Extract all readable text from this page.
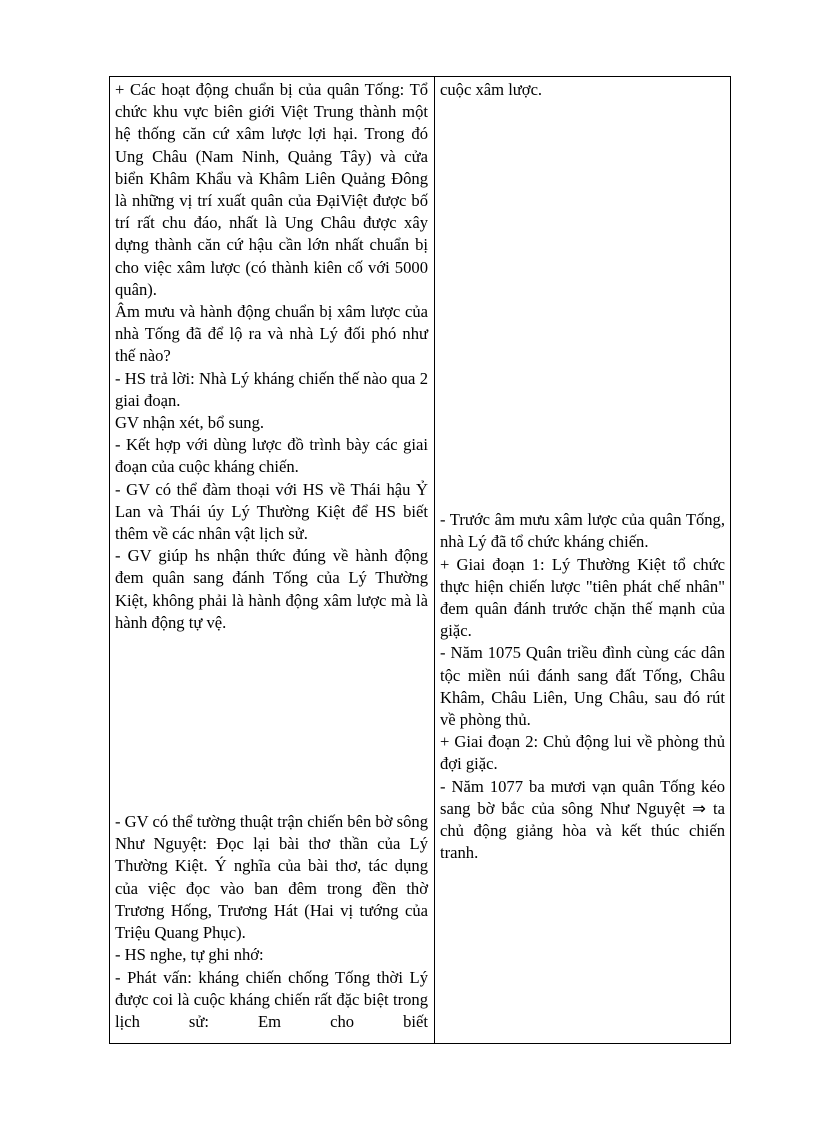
+ Các hoạt động chuẩn bị của quân Tống: Tổ chức khu vực biên giới Việt Trung thành một hệ thống căn cứ xâm lược lợi hại. Trong đó Ung Châu (Nam Ninh, Quảng Tây) và cửa biển Khâm Khẩu và Khâm Liên Quảng Đông là những vị trí xuất quân của ĐạiViệt được bố trí rất chu đáo, nhất là Ung Châu được xây dựng thành căn cứ hậu cần lớn nhất chuẩn bị cho việc xâm lược (có thành kiên cố với 5000 quân).

Âm mưu và hành động chuẩn bị xâm lược của nhà Tống đã để lộ ra và nhà Lý đối phó như thế nào?

- HS trả lời: Nhà Lý kháng chiến thế nào qua 2 giai đoạn.

GV nhận xét, bổ sung.

- Kết hợp với dùng lược đồ trình bày các giai đoạn của cuộc kháng chiến.

- GV có thể đàm thoại với HS về Thái hậu Ỷ Lan và Thái úy Lý Thường Kiệt để HS biết thêm về các nhân vật lịch sử.

- GV giúp hs nhận thức đúng về hành động đem quân sang đánh Tống của Lý Thường Kiệt, không phải là hành động xâm lược mà là hành động tự vệ.

- GV có thể tường thuật trận chiến bên bờ sông Như Nguyệt: Đọc lại bài thơ thần của Lý Thường Kiệt. Ý nghĩa của bài thơ, tác dụng của việc đọc vào ban đêm trong đền thờ Trương Hống, Trương Hát (Hai vị tướng của Triệu Quang Phục).

- HS nghe, tự ghi nhớ:

- Phát vấn: kháng chiến chống Tống thời Lý được coi là cuộc kháng chiến rất đặc biệt trong lịch sử: Em cho biết

cuộc xâm lược.

- Trước âm mưu xâm lược của quân Tống, nhà Lý đã tổ chức kháng chiến.

+ Giai đoạn 1: Lý Thường Kiệt tổ chức thực hiện chiến lược "tiên phát chế nhân" đem quân đánh trước chặn thế mạnh của giặc.

- Năm 1075 Quân triều đình cùng các dân tộc miền núi đánh sang đất Tống, Châu Khâm, Châu Liên, Ung Châu, sau đó rút về phòng thủ.

+ Giai đoạn 2: Chủ động lui về phòng thủ đợi giặc.

- Năm 1077 ba mươi vạn quân Tống kéo sang bờ bắc của sông Như Nguyệt ⇒ ta chủ động giảng hòa và kết thúc chiến tranh.
